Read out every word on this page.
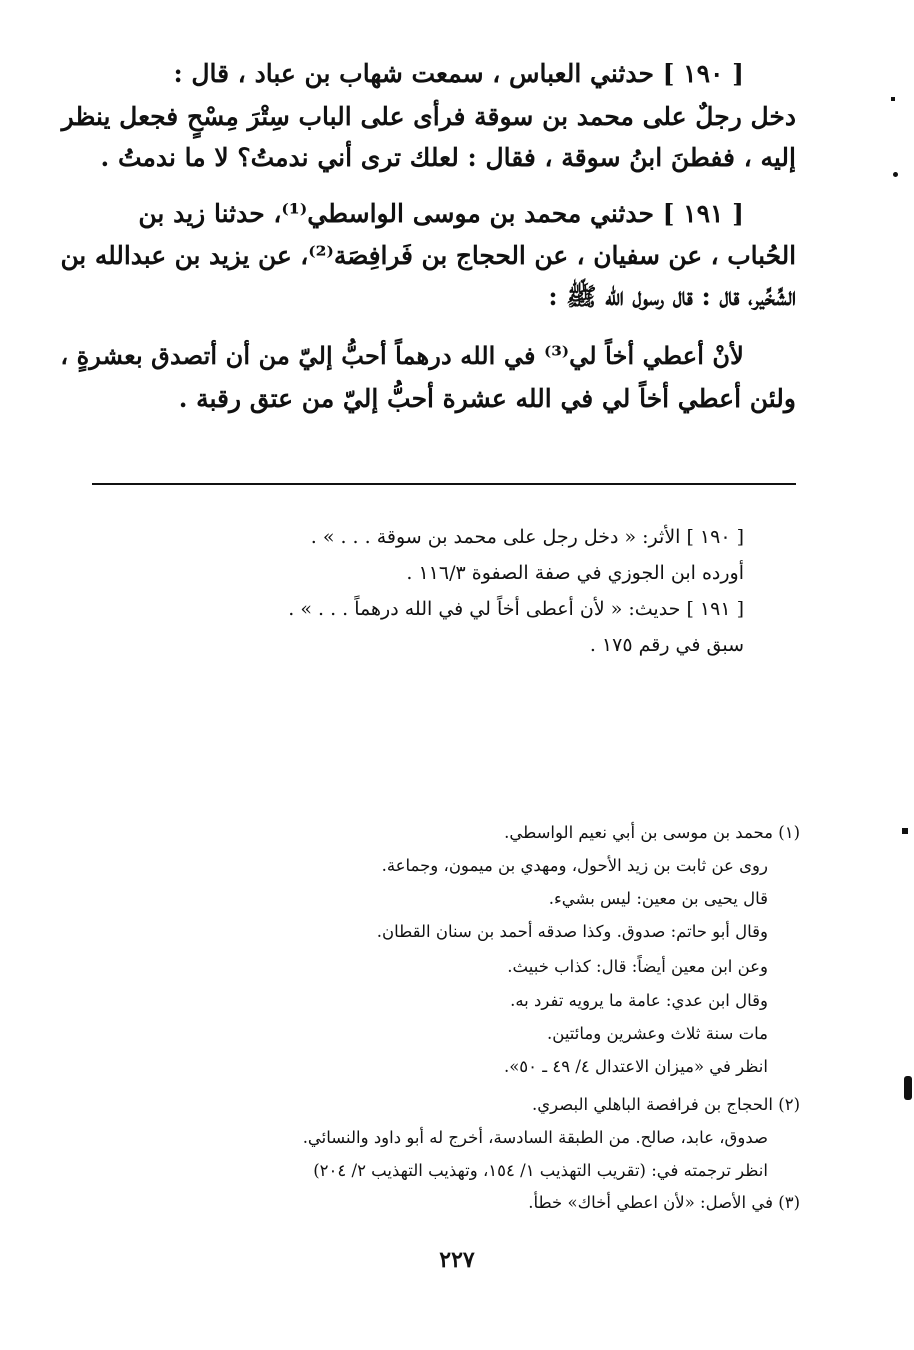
[ ١٩٠ ] حدثني العباس ، سمعت شهاب بن عباد ، قال :
دخل رجلٌ على محمد بن سوقة فرأى على الباب سِتْرَ مِسْحٍ فجعل ينظر
إليه ، ففطنَ ابنُ سوقة ، فقال : لعلك ترى أني ندمتُ؟ لا ما ندمتُ .
[ ١٩١ ] حدثني محمد بن موسى الواسطي⁽¹⁾، حدثنا زيد بن
الحُباب ، عن سفيان ، عن الحجاج بن فَرافِصَة⁽²⁾، عن يزيد بن عبدالله بن
الشِّخِّير، قال : قال رسول الله ﷺ :
لأنْ أعطي أخاً لي⁽³⁾ في الله درهماً أحبُّ إليّ من أن أتصدق بعشرةٍ ،
ولئن أعطي أخاً لي في الله عشرة أحبُّ إليّ من عتق رقبة .
[ ١٩٠ ] الأثر: « دخل رجل على محمد بن سوقة . . . » .
أورده ابن الجوزي في صفة الصفوة ١١٦/٣ .
[ ١٩١ ] حديث: « لأن أعطى أخاً لي في الله درهماً . . . » .
سبق في رقم ١٧٥ .
(١) محمد بن موسى بن أبي نعيم الواسطي.
روى عن ثابت بن زيد الأحول، ومهدي بن ميمون، وجماعة.
قال يحيى بن معين: ليس بشيء.
وقال أبو حاتم: صدوق. وكذا صدقه أحمد بن سنان القطان.
وعن ابن معين أيضاً: قال: كذاب خبيث.
وقال ابن عدي: عامة ما يرويه تفرد به.
مات سنة ثلاث وعشرين ومائتين.
انظر في «ميزان الاعتدال ٤/ ٤٩ ـ ٥٠».
(٢) الحجاج بن فرافصة الباهلي البصري.
صدوق، عابد، صالح. من الطبقة السادسة، أخرج له أبو داود والنسائي.
انظر ترجمته في: (تقريب التهذيب ١/ ١٥٤، وتهذيب التهذيب ٢/ ٢٠٤)
(٣) في الأصل: «لأن اعطي أخاك» خطأ.
٢٢٧
